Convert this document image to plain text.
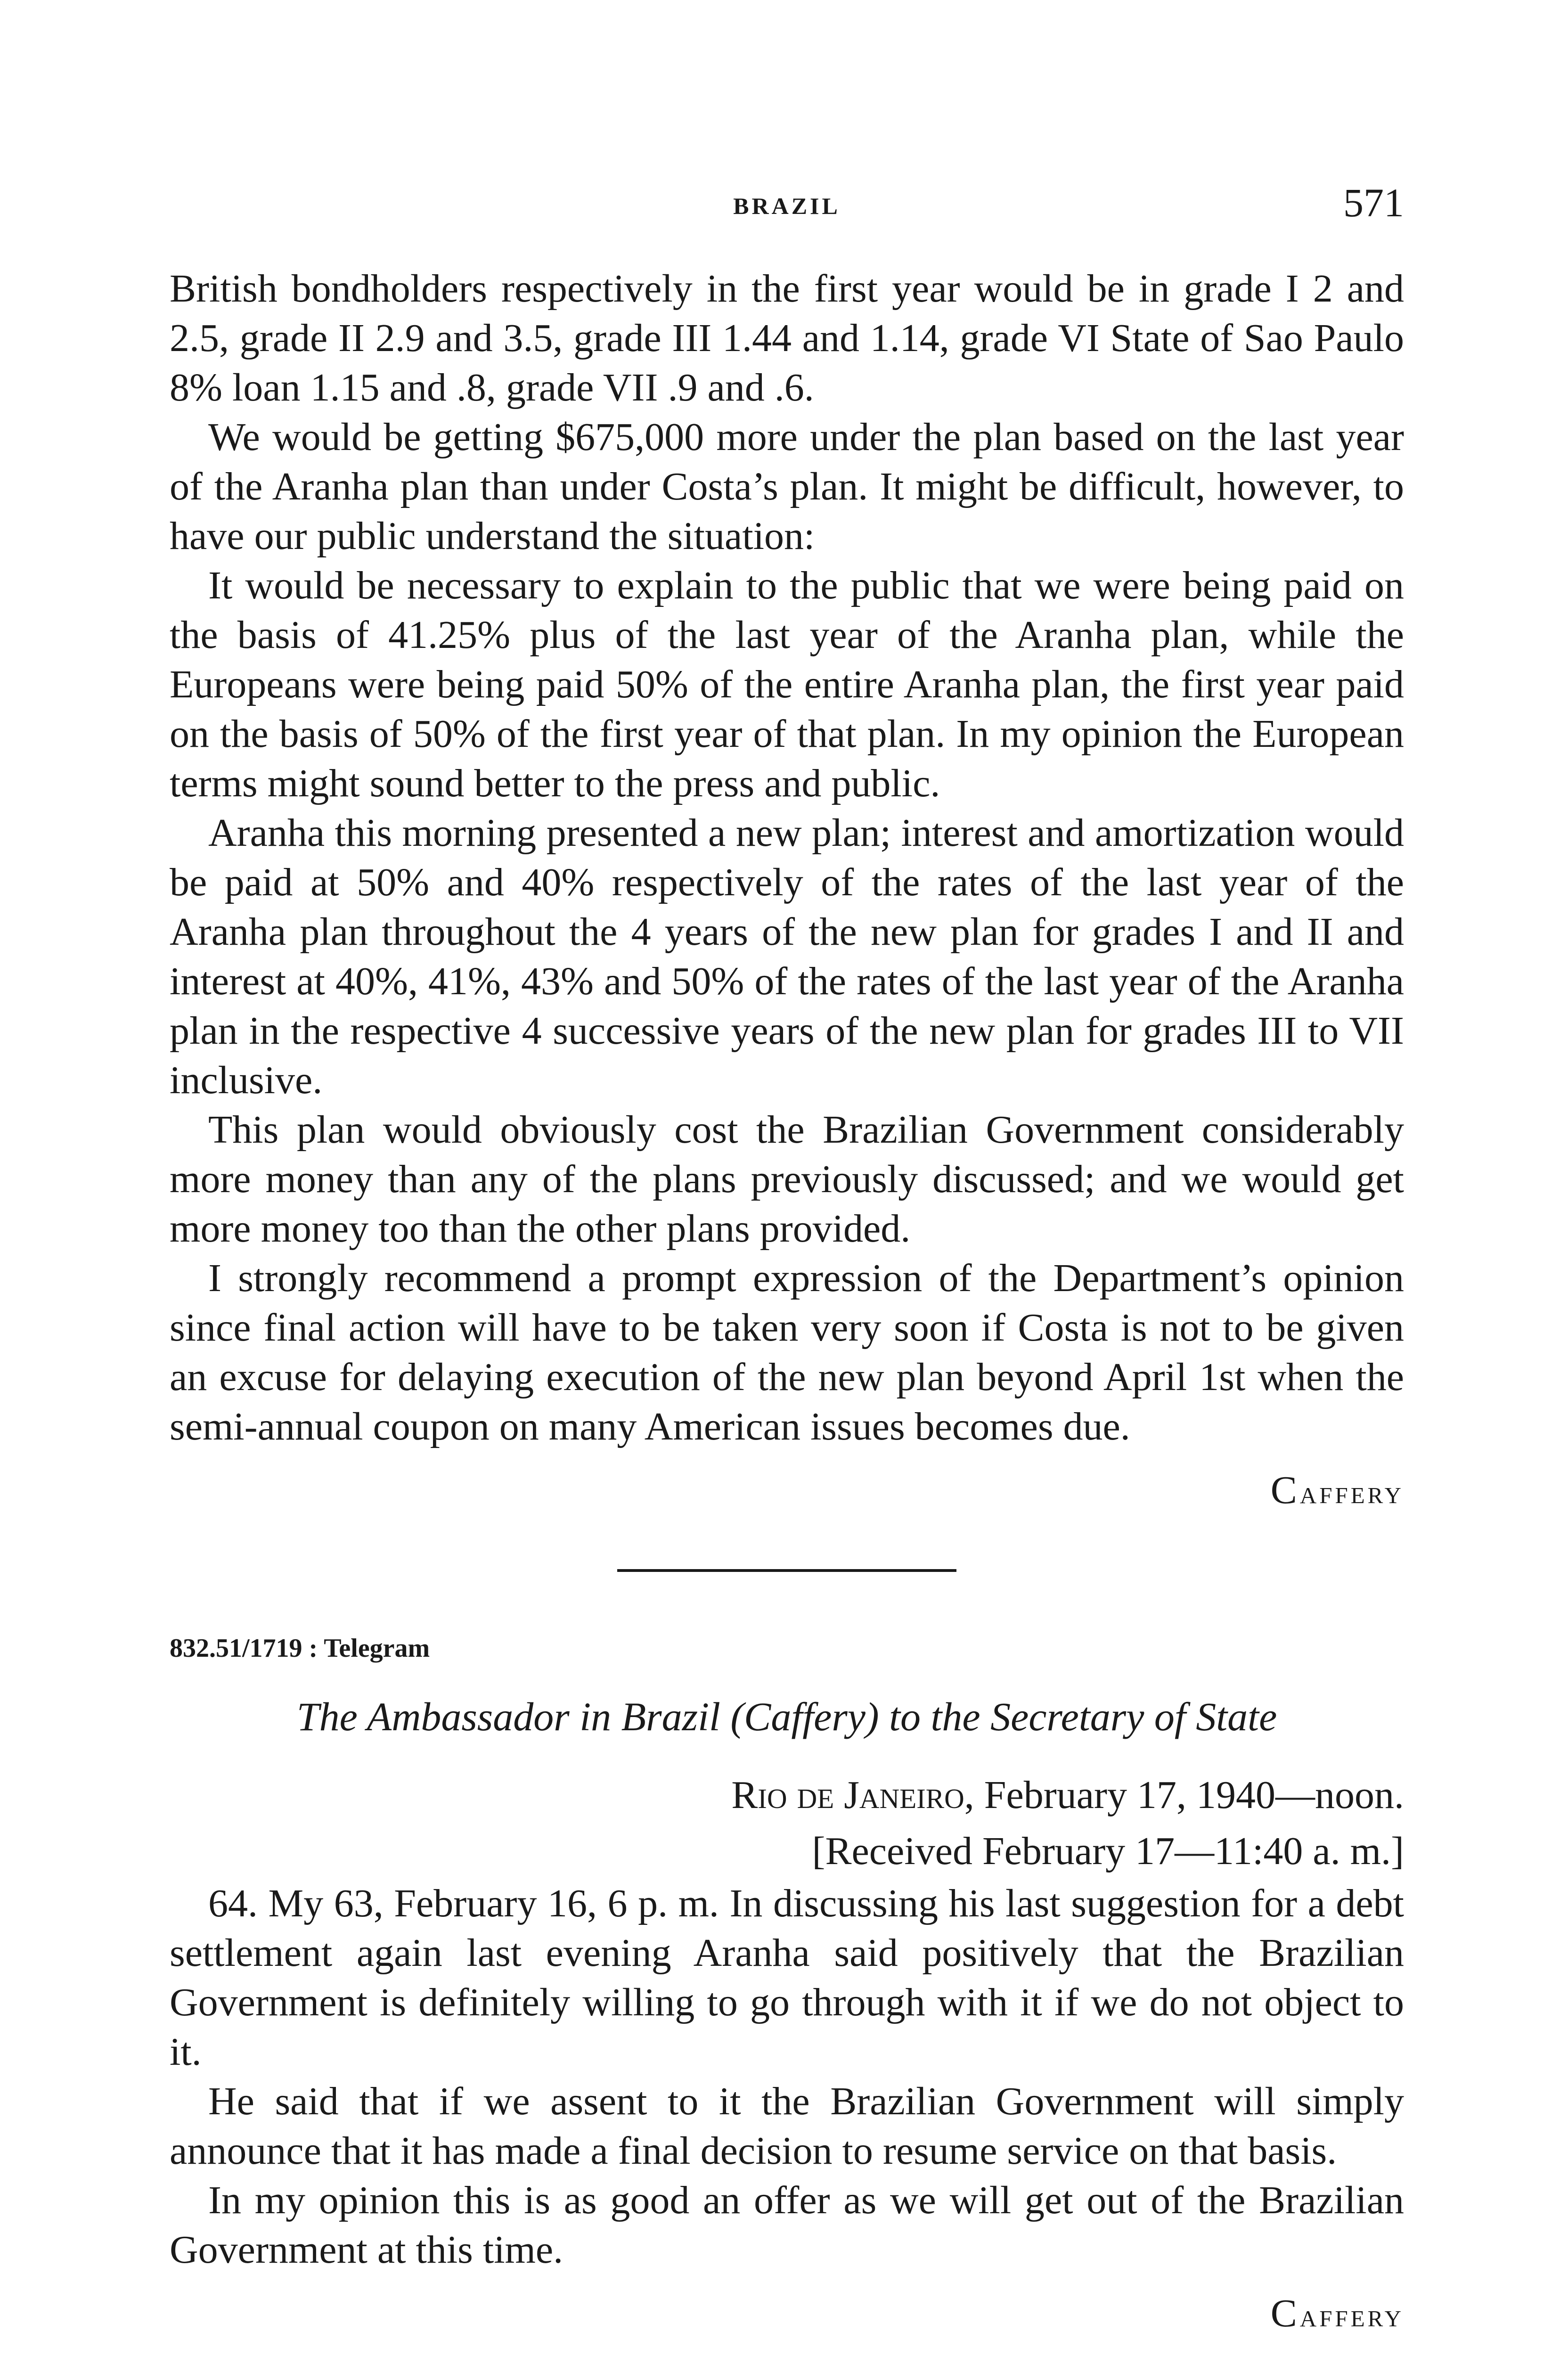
BRAZIL	571

British bondholders respectively in the first year would be in grade I 2 and 2.5, grade II 2.9 and 3.5, grade III 1.44 and 1.14, grade VI State of Sao Paulo 8% loan 1.15 and .8, grade VII .9 and .6.

We would be getting $675,000 more under the plan based on the last year of the Aranha plan than under Costa’s plan. It might be difficult, however, to have our public understand the situation:

It would be necessary to explain to the public that we were being paid on the basis of 41.25% plus of the last year of the Aranha plan, while the Europeans were being paid 50% of the entire Aranha plan, the first year paid on the basis of 50% of the first year of that plan. In my opinion the European terms might sound better to the press and public.

Aranha this morning presented a new plan; interest and amortization would be paid at 50% and 40% respectively of the rates of the last year of the Aranha plan throughout the 4 years of the new plan for grades I and II and interest at 40%, 41%, 43% and 50% of the rates of the last year of the Aranha plan in the respective 4 successive years of the new plan for grades III to VII inclusive.

This plan would obviously cost the Brazilian Government considerably more money than any of the plans previously discussed; and we would get more money too than the other plans provided.

I strongly recommend a prompt expression of the Department’s opinion since final action will have to be taken very soon if Costa is not to be given an excuse for delaying execution of the new plan beyond April 1st when the semi-annual coupon on many American issues becomes due.

Caffery

832.51/1719 : Telegram

The Ambassador in Brazil (Caffery) to the Secretary of State

Rio de Janeiro, February 17, 1940—noon.

[Received February 17—11:40 a. m.]

64. My 63, February 16, 6 p. m. In discussing his last suggestion for a debt settlement again last evening Aranha said positively that the Brazilian Government is definitely willing to go through with it if we do not object to it.

He said that if we assent to it the Brazilian Government will simply announce that it has made a final decision to resume service on that basis.

In my opinion this is as good an offer as we will get out of the Brazilian Government at this time.

Caffery
